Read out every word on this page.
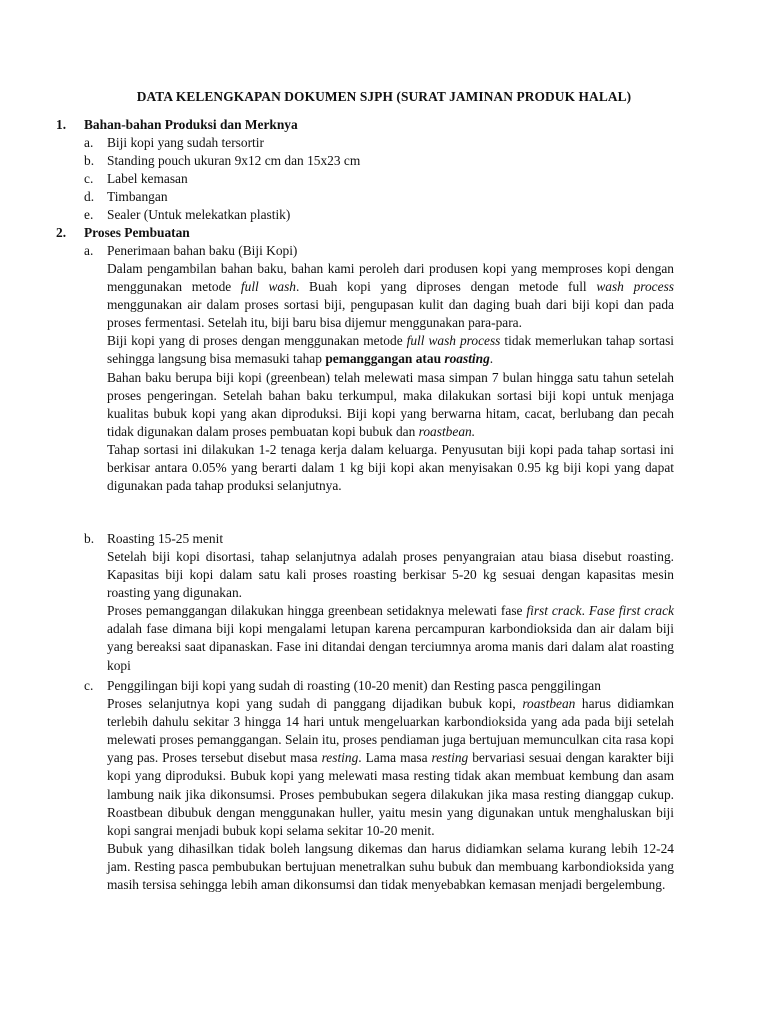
DATA KELENGKAPAN DOKUMEN SJPH (SURAT JAMINAN PRODUK HALAL)
1. Bahan-bahan Produksi dan Merknya
a. Biji kopi yang sudah tersortir
b. Standing pouch ukuran 9x12 cm dan 15x23 cm
c. Label kemasan
d. Timbangan
e. Sealer (Untuk melekatkan plastik)
2. Proses Pembuatan
a. Penerimaan bahan baku (Biji Kopi)

Dalam pengambilan bahan baku, bahan kami peroleh dari produsen kopi yang memproses kopi dengan menggunakan metode full wash. Buah kopi yang diproses dengan metode full wash process menggunakan air dalam proses sortasi biji, pengupasan kulit dan daging buah dari biji kopi dan pada proses fermentasi. Setelah itu, biji baru bisa dijemur menggunakan para-para.

Biji kopi yang di proses dengan menggunakan metode full wash process tidak memerlukan tahap sortasi sehingga langsung bisa memasuki tahap pemanggangan atau roasting.

Bahan baku berupa biji kopi (greenbean) telah melewati masa simpan 7 bulan hingga satu tahun setelah proses pengeringan. Setelah bahan baku terkumpul, maka dilakukan sortasi biji kopi untuk menjaga kualitas bubuk kopi yang akan diproduksi. Biji kopi yang berwarna hitam, cacat, berlubang dan pecah tidak digunakan dalam proses pembuatan kopi bubuk dan roastbean.

Tahap sortasi ini dilakukan 1-2 tenaga kerja dalam keluarga. Penyusutan biji kopi pada tahap sortasi ini berkisar antara 0.05% yang berarti dalam 1 kg biji kopi akan menyisakan 0.95 kg biji kopi yang dapat digunakan pada tahap produksi selanjutnya.

b. Roasting 15-25 menit

Setelah biji kopi disortasi, tahap selanjutnya adalah proses penyangraian atau biasa disebut roasting. Kapasitas biji kopi dalam satu kali proses roasting berkisar 5-20 kg sesuai dengan kapasitas mesin roasting yang digunakan.

Proses pemanggangan dilakukan hingga greenbean setidaknya melewati fase first crack. Fase first crack adalah fase dimana biji kopi mengalami letupan karena percampuran karbondioksida dan air dalam biji yang bereaksi saat dipanaskan. Fase ini ditandai dengan terciumnya aroma manis dari dalam alat roasting kopi

c. Penggilingan biji kopi yang sudah di roasting (10-20 menit) dan Resting pasca penggilingan

Proses selanjutnya kopi yang sudah di panggang dijadikan bubuk kopi, roastbean harus didiamkan terlebih dahulu sekitar 3 hingga 14 hari untuk mengeluarkan karbondioksida yang ada pada biji setelah melewati proses pemanggangan. Selain itu, proses pendiaman juga bertujuan memunculkan cita rasa kopi yang pas. Proses tersebut disebut masa resting. Lama masa resting bervariasi sesuai dengan karakter biji kopi yang diproduksi. Bubuk kopi yang melewati masa resting tidak akan membuat kembung dan asam lambung naik jika dikonsumsi. Proses pembubukan segera dilakukan jika masa resting dianggap cukup. Roastbean dibubuk dengan menggunakan huller, yaitu mesin yang digunakan untuk menghaluskan biji kopi sangrai menjadi bubuk kopi selama sekitar 10-20 menit.

Bubuk yang dihasilkan tidak boleh langsung dikemas dan harus didiamkan selama kurang lebih 12-24 jam. Resting pasca pembubukan bertujuan menetralkan suhu bubuk dan membuang karbondioksida yang masih tersisa sehingga lebih aman dikonsumsi dan tidak menyebabkan kemasan menjadi bergelembung.
